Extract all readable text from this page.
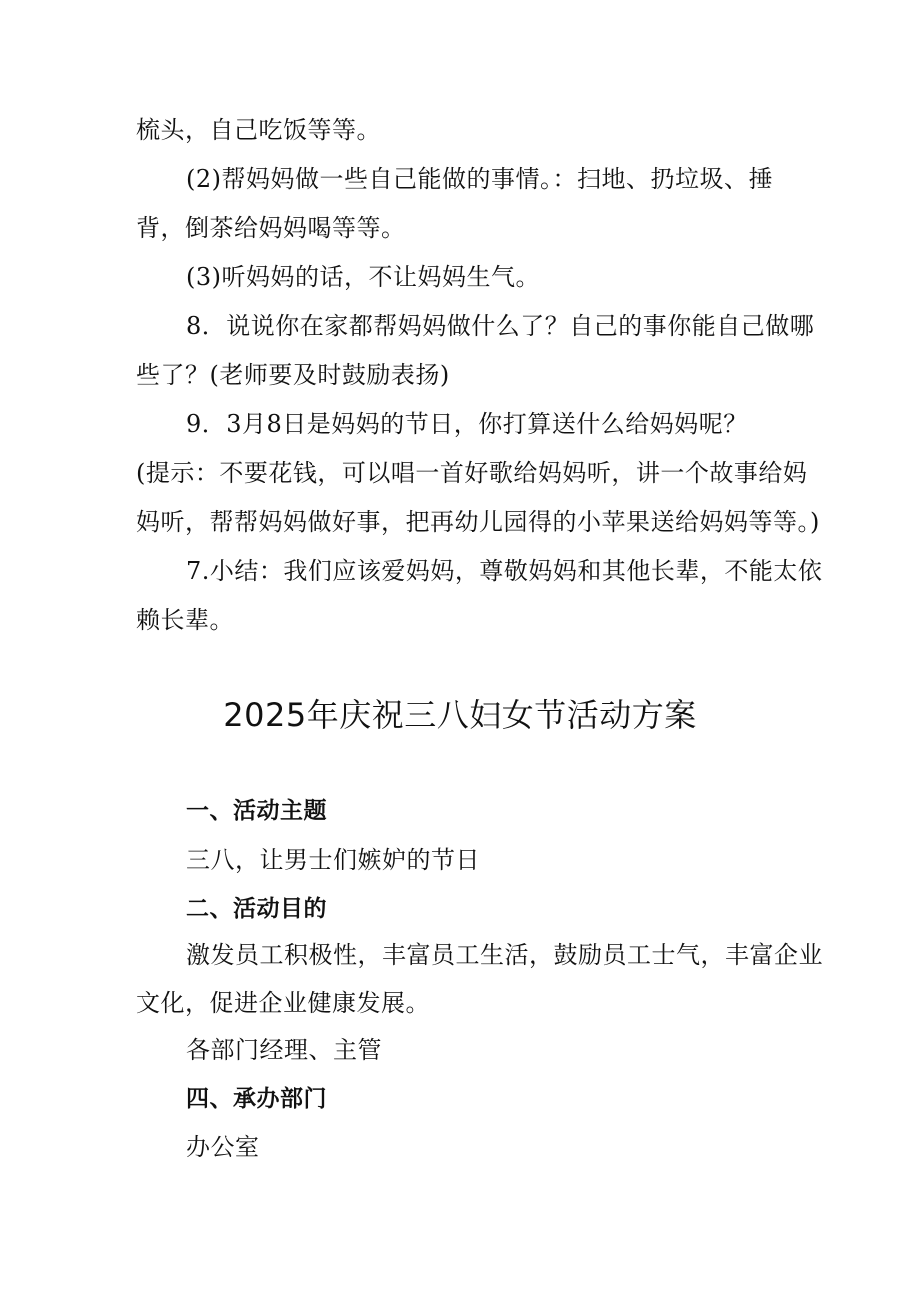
梳头，自己吃饭等等。
(2)帮妈妈做一些自己能做的事情。：扫地、扔垃圾、捶
背，倒茶给妈妈喝等等。
(3)听妈妈的话，不让妈妈生气。
8．说说你在家都帮妈妈做什么了？自己的事你能自己做哪
些了？(老师要及时鼓励表扬)
9．3月8日是妈妈的节日，你打算送什么给妈妈呢？
(提示：不要花钱，可以唱一首好歌给妈妈听，讲一个故事给妈
妈听，帮帮妈妈做好事，把再幼儿园得的小苹果送给妈妈等等。)
7.小结：我们应该爱妈妈，尊敬妈妈和其他长辈，不能太依
赖长辈。
2025年庆祝三八妇女节活动方案
一、活动主题
三八，让男士们嫉妒的节日
二、活动目的
激发员工积极性，丰富员工生活，鼓励员工士气，丰富企业
文化，促进企业健康发展。
各部门经理、主管
四、承办部门
办公室
